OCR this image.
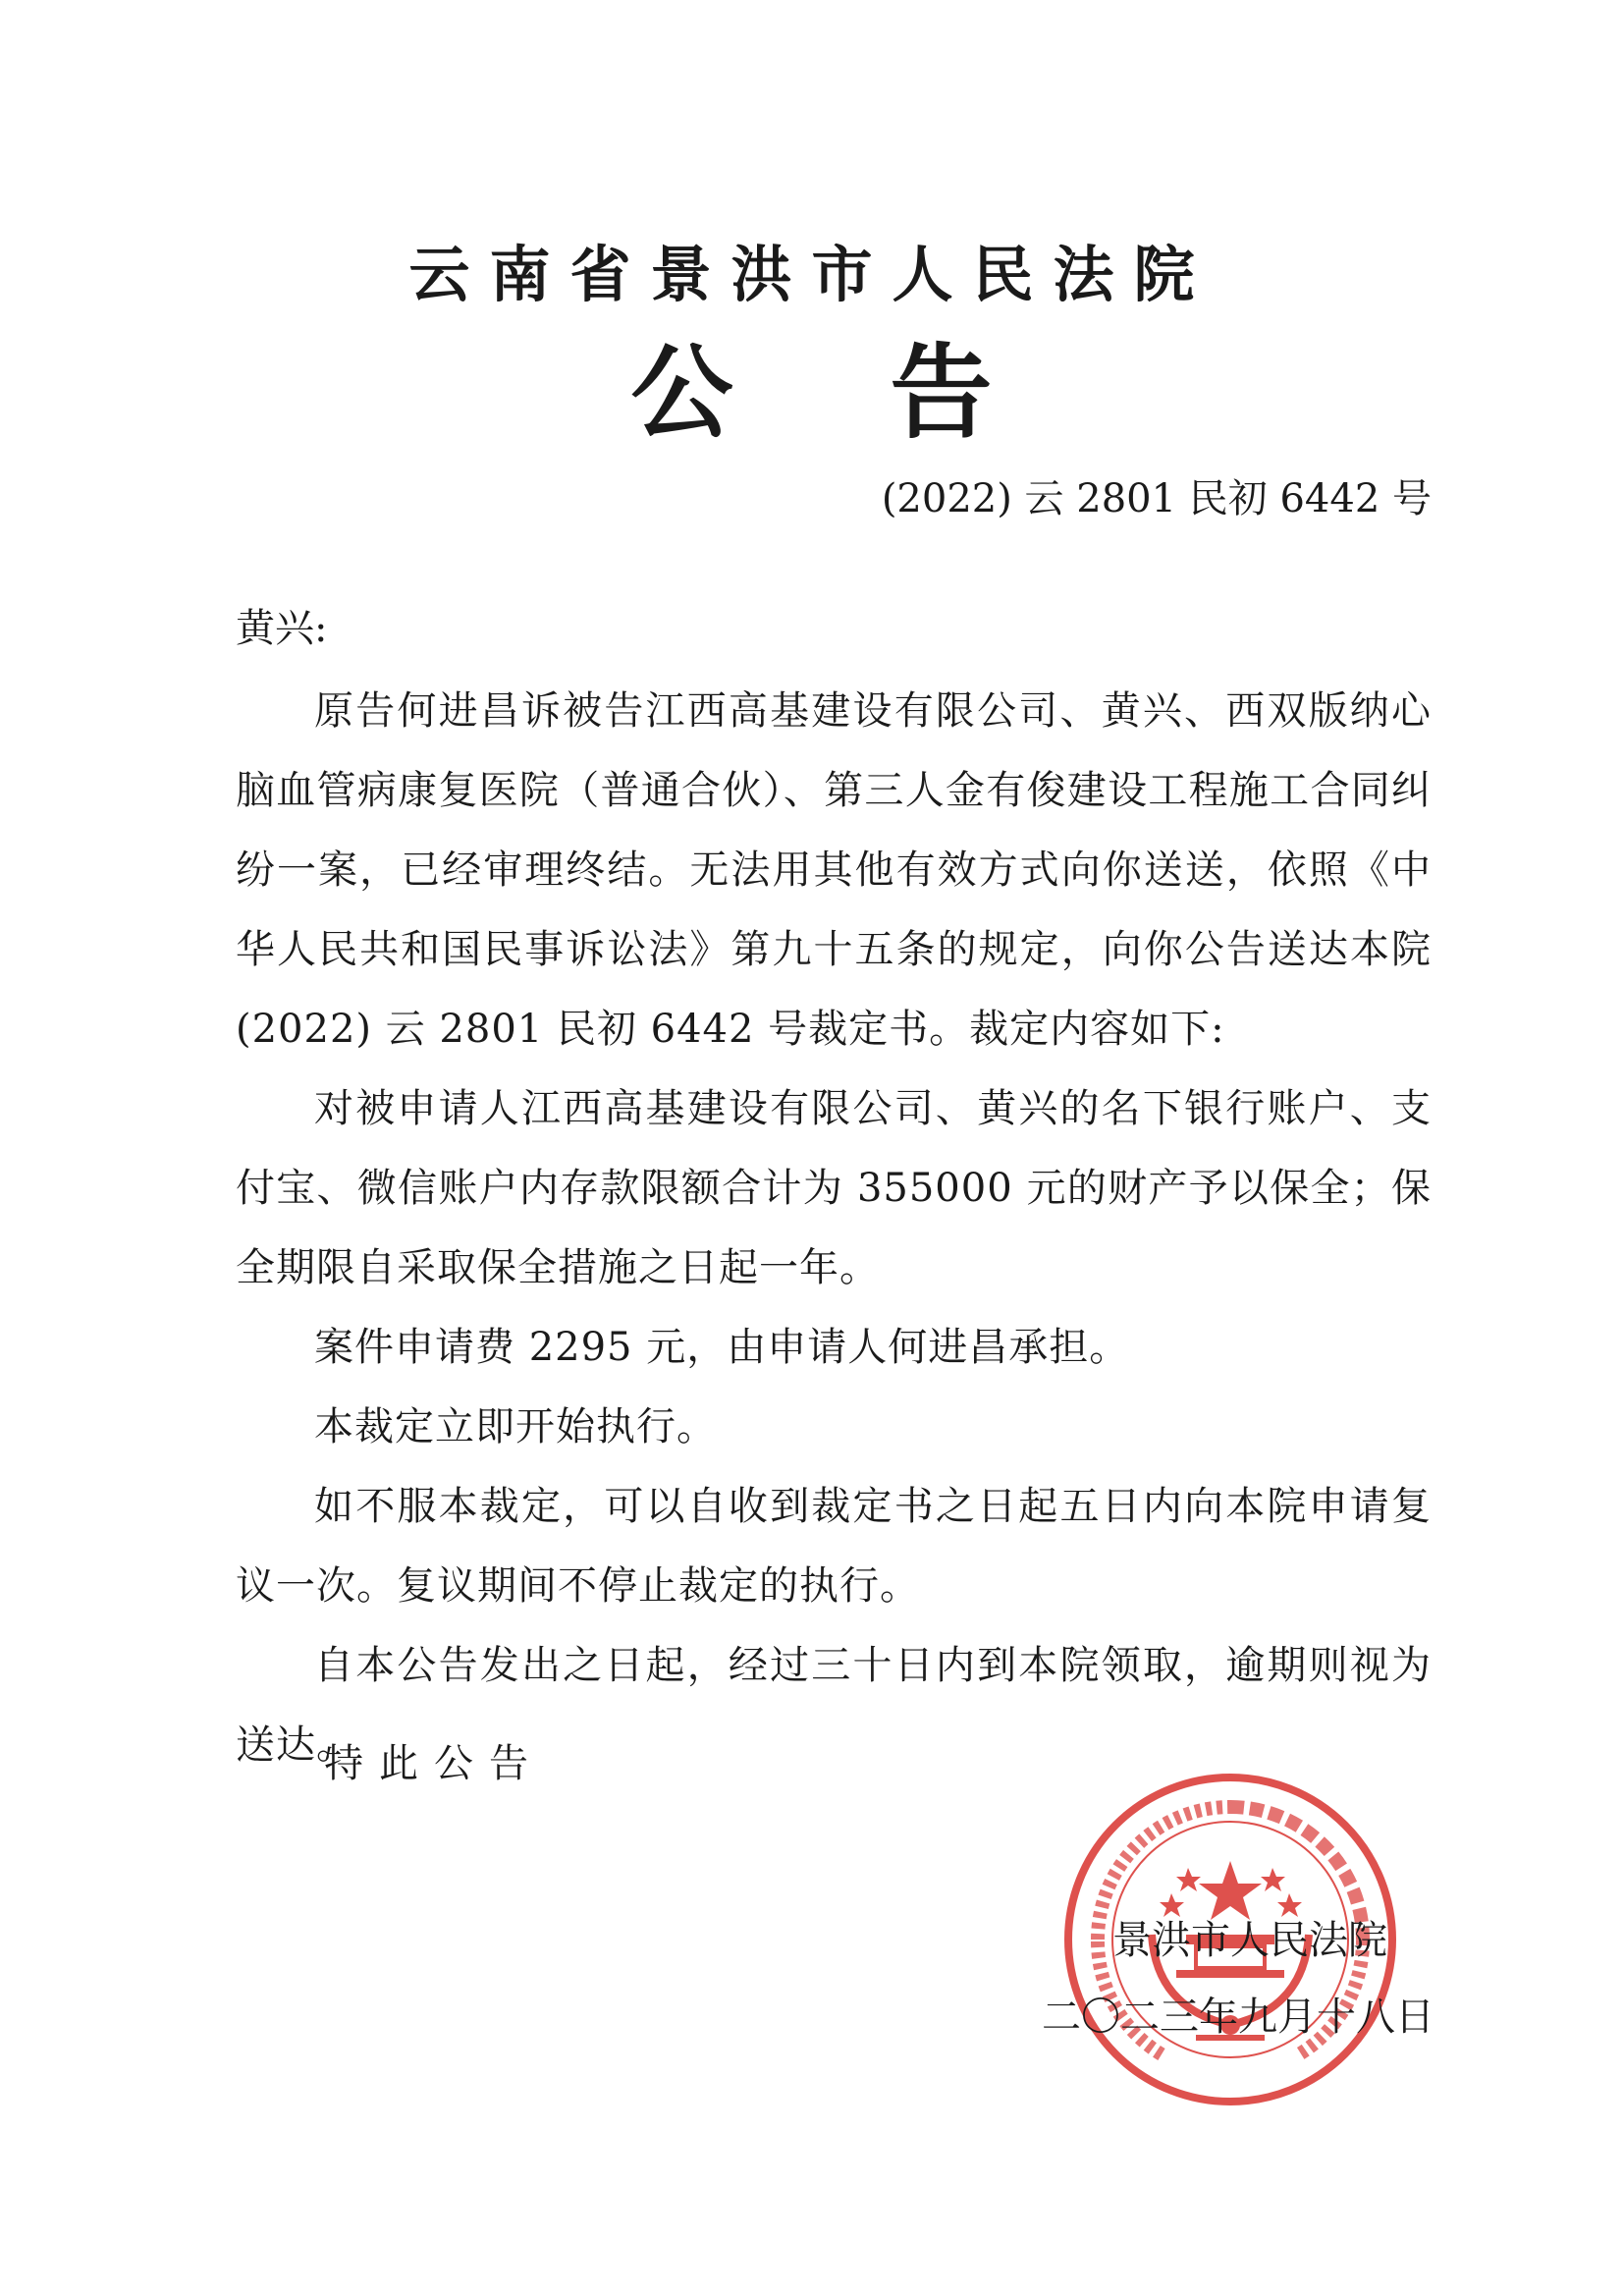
云南省景洪市人民法院
公 告
(2022) 云 2801 民初 6442 号
黄兴:

原告何进昌诉被告江西高基建设有限公司、黄兴、西双版纳心脑血管病康复医院（普通合伙）、第三人金有俊建设工程施工合同纠纷一案，已经审理终结。无法用其他有效方式向你送送，依照《中华人民共和国民事诉讼法》第九十五条的规定，向你公告送达本院 (2022) 云 2801 民初 6442 号裁定书。裁定内容如下:

对被申请人江西高基建设有限公司、黄兴的名下银行账户、支付宝、微信账户内存款限额合计为 355000 元的财产予以保全；保全期限自采取保全措施之日起一年。

案件申请费 2295 元，由申请人何进昌承担。

本裁定立即开始执行。

如不服本裁定，可以自收到裁定书之日起五日内向本院申请复议一次。复议期间不停止裁定的执行。

自本公告发出之日起，经过三十日内到本院领取，逾期则视为送达。

特此公告
景洪市人民法院
二〇二三年九月十八日
